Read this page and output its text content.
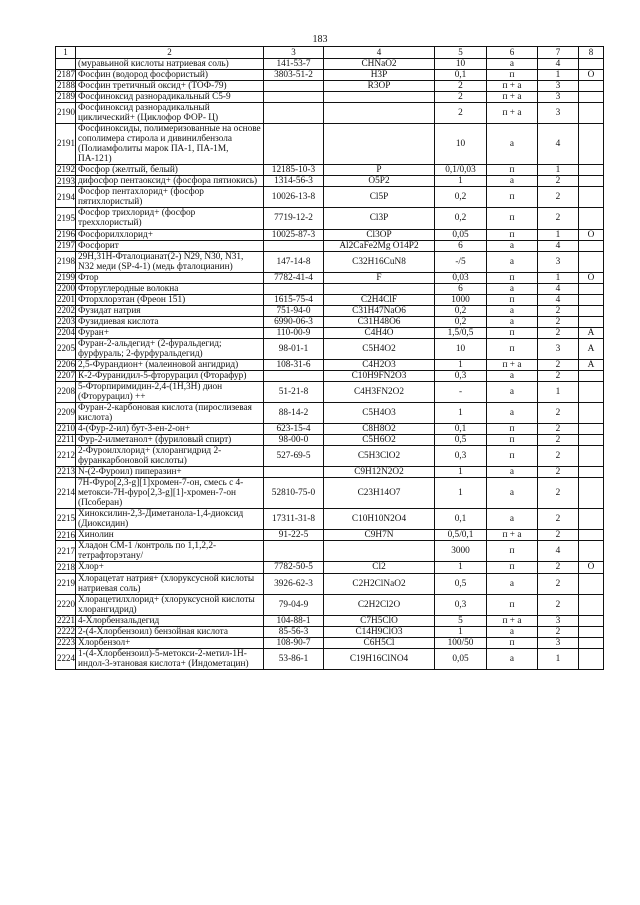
183
1	2	3	4	5	6	7	8
	(муравьиной кислоты натриевая соль)	141-53-7	CHNaO2	10	а	4	
2187	Фосфин (водород фосфористый)	3803-51-2	H3P	0,1	п	1	О
2188	Фосфин третичный оксид+ (ТОФ-79)		R3OP	2	п + а	3	
2189	Фосфиноксид разнорадикальный С5-9			2	п + а	3	
2190	Фосфиноксид разнорадикальный циклический+ (Циклофор ФОР- Ц)			2	п + а	3	
2191	Фосфиноксиды, полимеризованные на основе сополимера стирола и дивинилбензола (Полиамфолиты марок ПА-1, ПА-1М, ПА-121)			10	а	4	
2192	Фосфор (желтый, белый)	12185-10-3	P	0,1/0,03	п	1	
2193	дифосфор пентаоксид+ (фосфора пятиокись)	1314-56-3	O5P2	1	а	2	
2194	Фосфор пентахлорид+ (фосфор пятихлористый)	10026-13-8	Cl5P	0,2	п	2	
2195	Фосфор трихлорид+ (фосфор треххлористый)	7719-12-2	Cl3P	0,2	п	2	
2196	Фосфорилхлорид+	10025-87-3	Cl3OP	0,05	п	1	О
2197	Фосфорит		Al2CaFe2Mg O14P2	6	а	4	
2198	29Н,31Н-Фталоцианат(2-) N29, N30, N31, N32 меди (SP-4-1) (медь фталоцианин)	147-14-8	C32H16CuN8	-/5	а	3	
2199	Фтор	7782-41-4	F	0,03	п	1	О
2200	Фторуглеродные волокна			6	а	4	
2201	Фторхлорэтан (Фреон 151)	1615-75-4	C2H4ClF	1000	п	4	
2202	Фузидат натрия	751-94-0	C31H47NaO6	0,2	а	2	
2203	Фузидиевая кислота	6990-06-3	C31H48O6	0,2	а	2	
2204	Фуран+	110-00-9	C4H4O	1,5/0,5	п	2	А
2205	Фуран-2-альдегид+ (2-фуральдегид; фурфураль; 2-фурфуральдегид)	98-01-1	C5H4O2	10	п	3	А
2206	2,5-Фурандион+ (малеиновой ангидрид)	108-31-6	C4H2O3	1	п + а	2	А
2207	К-2-Фуранидил-5-фторурацил (Фторафур)		C10H9FN2O3	0,3	а	2	
2208	5-Фторпиримидин-2,4-(1Н,3Н) дион (Фторурацил) ++	51-21-8	C4H3FN2O2	-	а	1	
2209	Фуран-2-карбоновая кислота (пирослизевая кислота)	88-14-2	C5H4O3	1	а	2	
2210	4-(Фур-2-ил) бут-3-ен-2-он+	623-15-4	C8H8O2	0,1	п	2	
2211	Фур-2-илметанол+ (фуриловый спирт)	98-00-0	C5H6O2	0,5	п	2	
2212	2-Фуроилхлорид+ (хлорангидрид 2-фуранкарбоновой кислоты)	527-69-5	C5H3ClO2	0,3	п	2	
2213	N-(2-Фуроил) пиперазин+		C9H12N2O2	1	а	2	
2214	7Н-Фуро[2,3-g][1]хромен-7-он, смесь с 4-метокси-7Н-фуро[2,3-g][1]-хромен-7-он (Псоберан)	52810-75-0	C23H14O7	1	а	2	
2215	Хиноксилин-2,3-Диметанола-1,4-диоксид (Диоксидин)	17311-31-8	C10H10N2O4	0,1	а	2	
2216	Хинолин	91-22-5	C9H7N	0,5/0,1	п + а	2	
2217	Хладон СМ-1 /контроль по 1,1,2,2-тетрафторэтану/			3000	п	4	
2218	Хлор+	7782-50-5	Cl2	1	п	2	О
2219	Хлорацетат натрия+ (хлоруксусной кислоты натриевая соль)	3926-62-3	C2H2ClNaO2	0,5	а	2	
2220	Хлорацетилхлорид+ (хлоруксусной кислоты хлорангидрид)	79-04-9	C2H2Cl2O	0,3	п	2	
2221	4-Хлорбензальдегид	104-88-1	C7H5ClO	5	п + а	3	
2222	2-(4-Хлорбензоил) бензойная кислота	85-56-3	C14H9ClO3	1	а	2	
2223	Хлорбензол+	108-90-7	C6H5Cl	100/50	п	3	
2224	1-(4-Хлорбензоил)-5-метокси-2-метил-1Н-индол-3-этановая кислота+ (Индометацин)	53-86-1	C19H16ClNO4	0,05	а	1	
